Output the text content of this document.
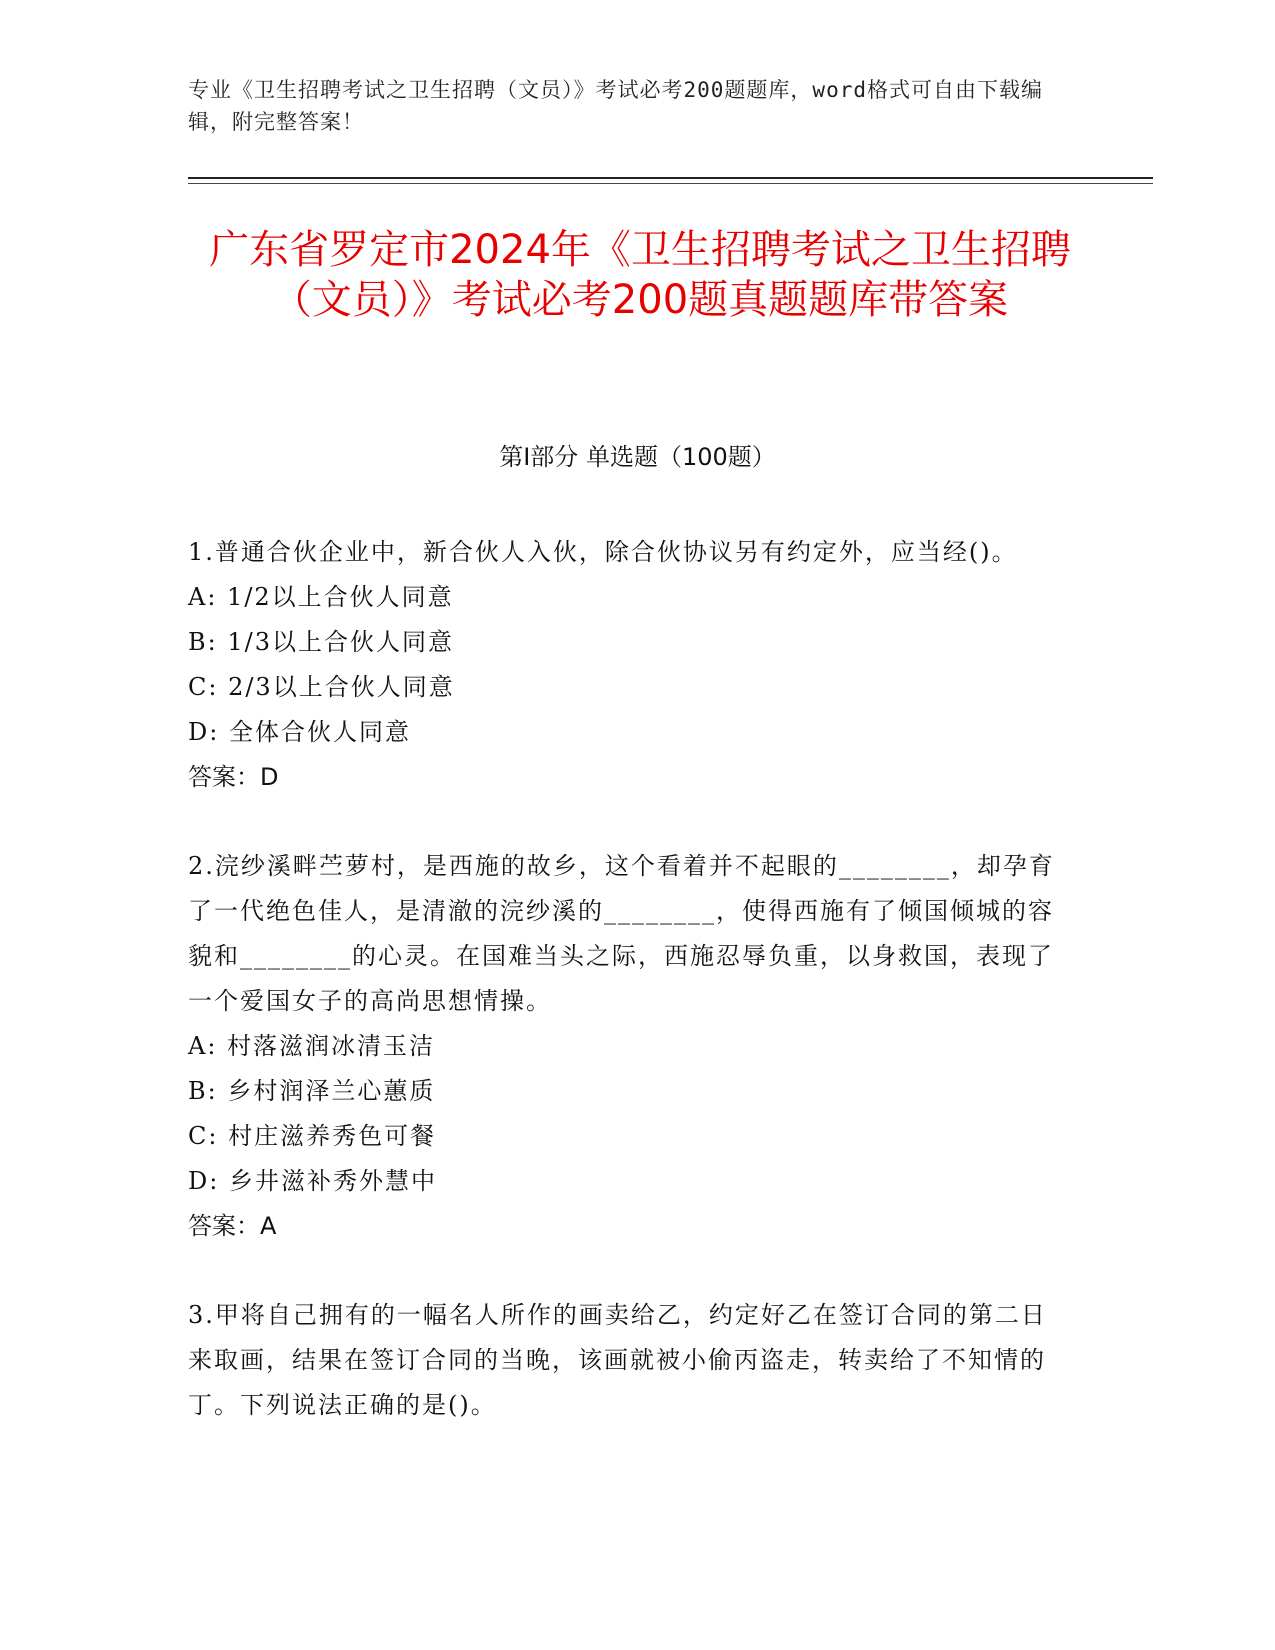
专业《卫生招聘考试之卫生招聘（文员）》考试必考200题题库，word格式可自由下载编辑，附完整答案！
广东省罗定市2024年《卫生招聘考试之卫生招聘（文员）》考试必考200题真题题库带答案
第Ⅰ部分 单选题（100题）
1.普通合伙企业中，新合伙人入伙，除合伙协议另有约定外，应当经()。
A: 1/2以上合伙人同意
B: 1/3以上合伙人同意
C: 2/3以上合伙人同意
D: 全体合伙人同意
答案：D
2.浣纱溪畔苎萝村，是西施的故乡，这个看着并不起眼的________，却孕育了一代绝色佳人，是清澈的浣纱溪的________，使得西施有了倾国倾城的容貌和________的心灵。在国难当头之际，西施忍辱负重，以身救国，表现了一个爱国女子的高尚思想情操。
A: 村落滋润冰清玉洁
B: 乡村润泽兰心蕙质
C: 村庄滋养秀色可餐
D: 乡井滋补秀外慧中
答案：A
3.甲将自己拥有的一幅名人所作的画卖给乙，约定好乙在签订合同的第二日来取画，结果在签订合同的当晚，该画就被小偷丙盗走，转卖给了不知情的丁。下列说法正确的是()。
